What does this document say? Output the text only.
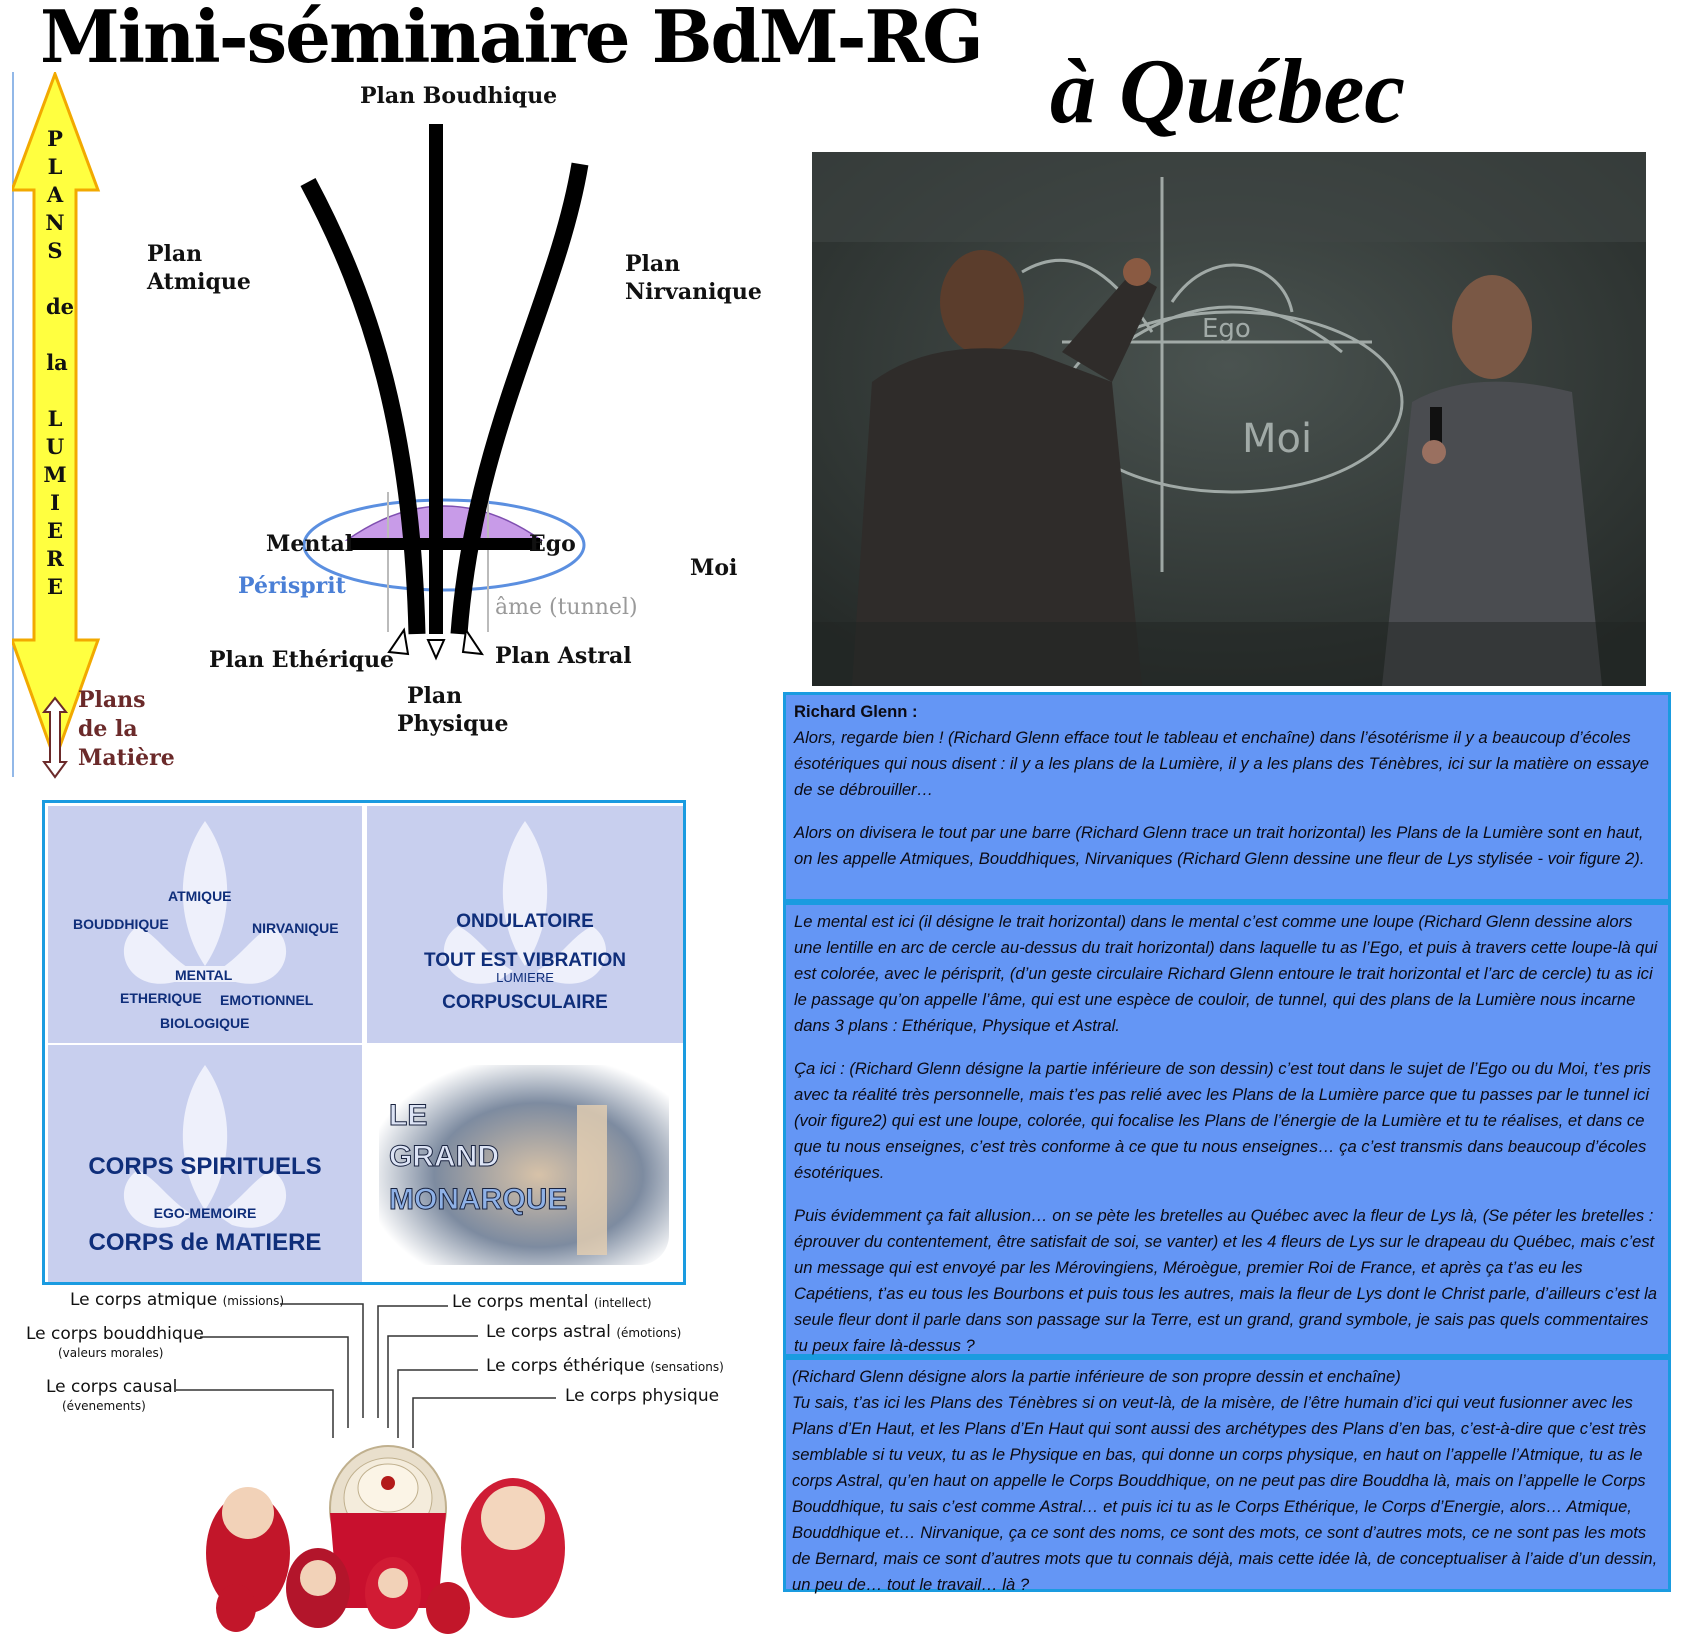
Mini-séminaire BdM-RG
à Québec
P
L
A
N
S
de
la
L
U
M
I
E
R
E
Plan Boudhique
Plan
Atmique
Plan
Nirvanique
Mental	Ego
Moi
Périsprit
âme (tunnel)
Plan Ethérique	Plan Astral
Plan
Physique
Plans
de la
Matière
Moi
Ego

Richard Glenn :
Alors, regarde bien ! (Richard Glenn efface tout le tableau et enchaîne) dans l’ésotérisme il y a beaucoup d’écoles ésotériques qui nous disent : il y a les plans de la Lumière, il y a les plans des Ténèbres, ici sur la matière on essaye de se débrouiller…

Alors on divisera le tout par une barre (Richard Glenn trace un trait horizontal) les Plans de la Lumière sont en haut, on les appelle Atmiques, Bouddhiques, Nirvaniques (Richard Glenn dessine une fleur de Lys stylisée - voir figure 2).

Le mental est ici (il désigne le trait horizontal) dans le mental c’est comme une loupe (Richard Glenn dessine alors une lentille en arc de cercle au-dessus du trait horizontal) dans laquelle tu as l’Ego, et puis à travers cette loupe-là qui est colorée, avec le périsprit, (d’un geste circulaire Richard Glenn entoure le trait horizontal et l’arc de cercle) tu as ici le passage qu’on appelle l’âme, qui est une espèce de couloir, de tunnel, qui des plans de la Lumière nous incarne dans 3 plans : Ethérique, Physique et Astral.

Ça ici : (Richard Glenn désigne la partie inférieure de son dessin) c’est tout dans le sujet de l’Ego ou du Moi, t’es pris avec ta réalité très personnelle, mais t’es pas relié avec les Plans de la Lumière parce que tu passes par le tunnel ici (voir figure2) qui est une loupe, colorée, qui focalise les Plans de l’énergie de la Lumière et tu te réalises, et dans ce que tu nous enseignes, c’est très conforme à ce que tu nous enseignes… ça c’est transmis dans beaucoup d’écoles ésotériques.

Puis évidemment ça fait allusion… on se pète les bretelles au Québec avec la fleur de Lys là, (Se péter les bretelles : éprouver du contentement, être satisfait de soi, se vanter) et les 4 fleurs de Lys sur le drapeau du Québec, mais c’est un message qui est envoyé par les Mérovingiens, Méroègue, premier Roi de France, et après ça t’as eu les Capétiens, t’as eu tous les Bourbons et puis tous les autres, mais la fleur de Lys dont le Christ parle, d’ailleurs c’est la seule fleur dont il parle dans son passage sur la Terre, est un grand, grand symbole, je sais pas quels commentaires tu peux faire là-dessus ?

(Richard Glenn désigne alors la partie inférieure de son propre dessin et enchaîne)
Tu sais, t’as ici les Plans des Ténèbres si on veut-là, de la misère, de l’être humain d’ici qui veut fusionner avec les Plans d’En Haut, et les Plans d’En Haut qui sont aussi des archétypes des Plans d’en bas, c’est-à-dire que c’est très semblable si tu veux, tu as le Physique en bas, qui donne un corps physique, en haut on l’appelle l’Atmique, tu as le corps Astral, qu’en haut on appelle le Corps Bouddhique, on ne peut pas dire Bouddha là, mais on l’appelle le Corps Bouddhique, tu sais c’est comme Astral… et puis ici tu as le Corps Ethérique, le Corps d’Energie, alors… Atmique, Bouddhique et… Nirvanique, ça ce sont des noms, ce sont des mots, ce sont d’autres mots, ce ne sont pas les mots de Bernard, mais ce sont d’autres mots que tu connais déjà, mais cette idée là, de conceptualiser à l’aide d’un dessin, un peu de… tout le travail… là ?

ATMIQUE
BOUDDHIQUE	NIRVANIQUE
MENTAL
ETHERIQUE EMOTIONNEL
BIOLOGIQUE
ONDULATOIRE
TOUT EST VIBRATION
LUMIERE
CORPUSCULAIRE
CORPS SPIRITUELS
EGO-MEMOIRE
CORPS de MATIERE
LE
GRAND
MONARQUE
Le corps atmique (missions)
Le corps bouddhique
(valeurs morales)
Le corps causal
(évenements)
Le corps mental (intellect)
Le corps astral (émotions)
Le corps éthérique (sensations)
Le corps physique
